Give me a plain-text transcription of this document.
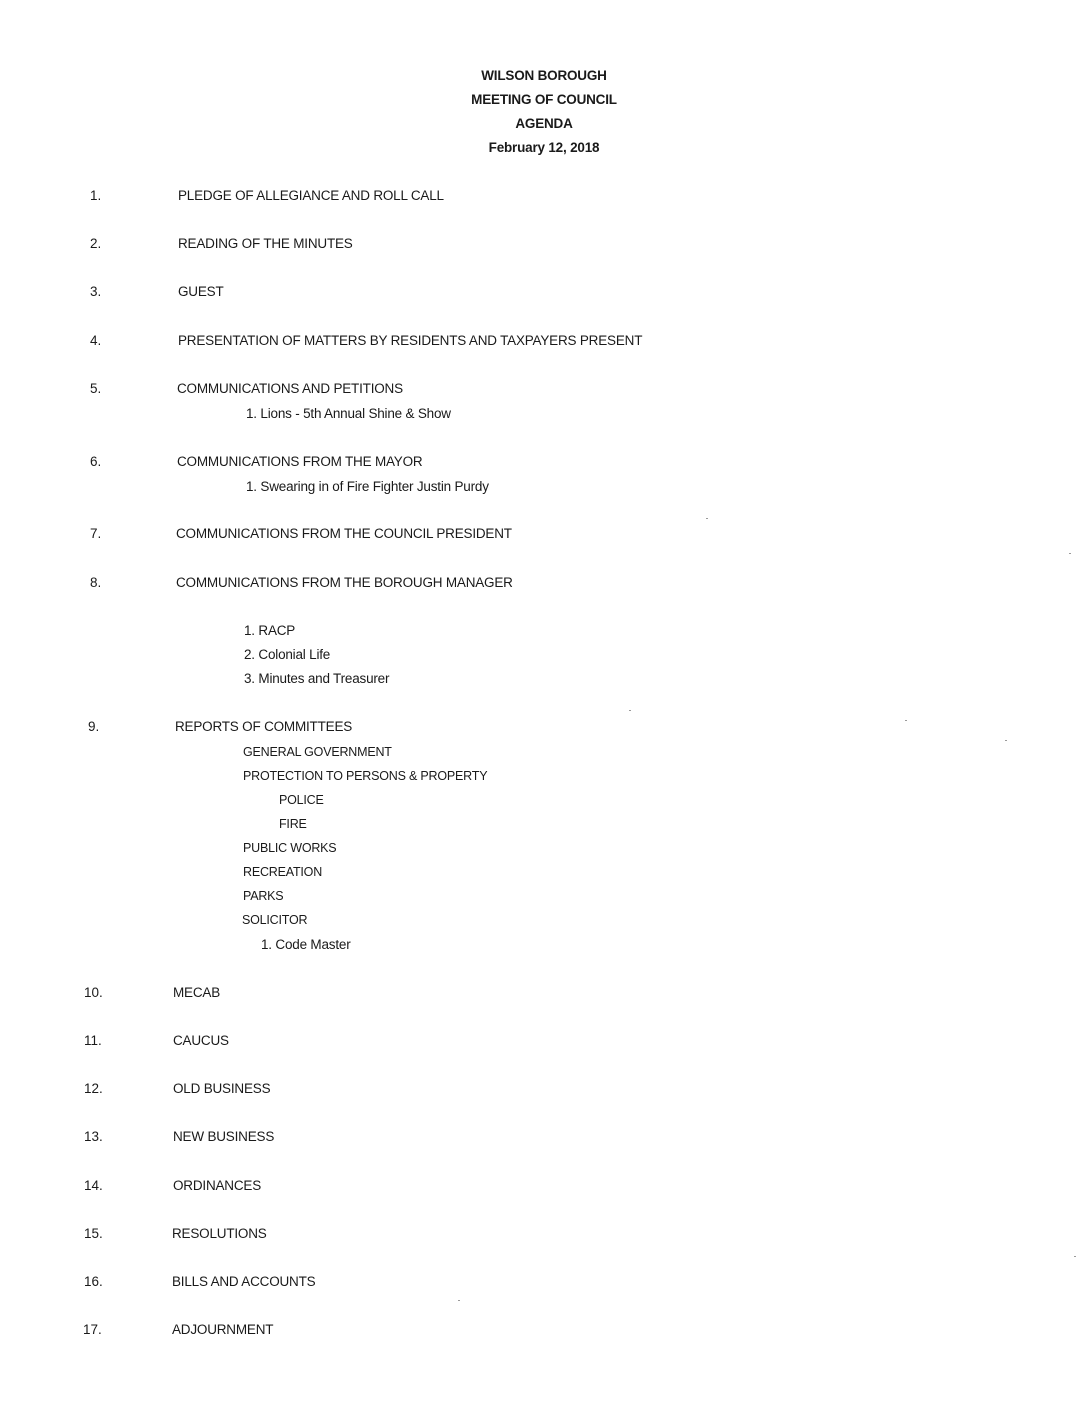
WILSON BOROUGH
MEETING OF COUNCIL
AGENDA
February 12, 2018
1.	PLEDGE OF ALLEGIANCE AND ROLL CALL
2.	READING OF THE MINUTES
3.	GUEST
4.	PRESENTATION OF MATTERS BY RESIDENTS AND TAXPAYERS PRESENT
5.	COMMUNICATIONS AND PETITIONS
1. Lions - 5th Annual Shine & Show
6.	COMMUNICATIONS FROM THE MAYOR
1. Swearing in of Fire Fighter Justin Purdy
7.	COMMUNICATIONS FROM THE COUNCIL PRESIDENT
8.	COMMUNICATIONS FROM THE BOROUGH MANAGER
1. RACP
2. Colonial Life
3. Minutes and Treasurer
9.	REPORTS OF COMMITTEES
GENERAL GOVERNMENT
PROTECTION TO PERSONS & PROPERTY
POLICE
FIRE
PUBLIC WORKS
RECREATION
PARKS
SOLICITOR
1. Code Master
10.	MECAB
11.	CAUCUS
12.	OLD BUSINESS
13.	NEW BUSINESS
14.	ORDINANCES
15.	RESOLUTIONS
16.	BILLS AND ACCOUNTS
17.	ADJOURNMENT
